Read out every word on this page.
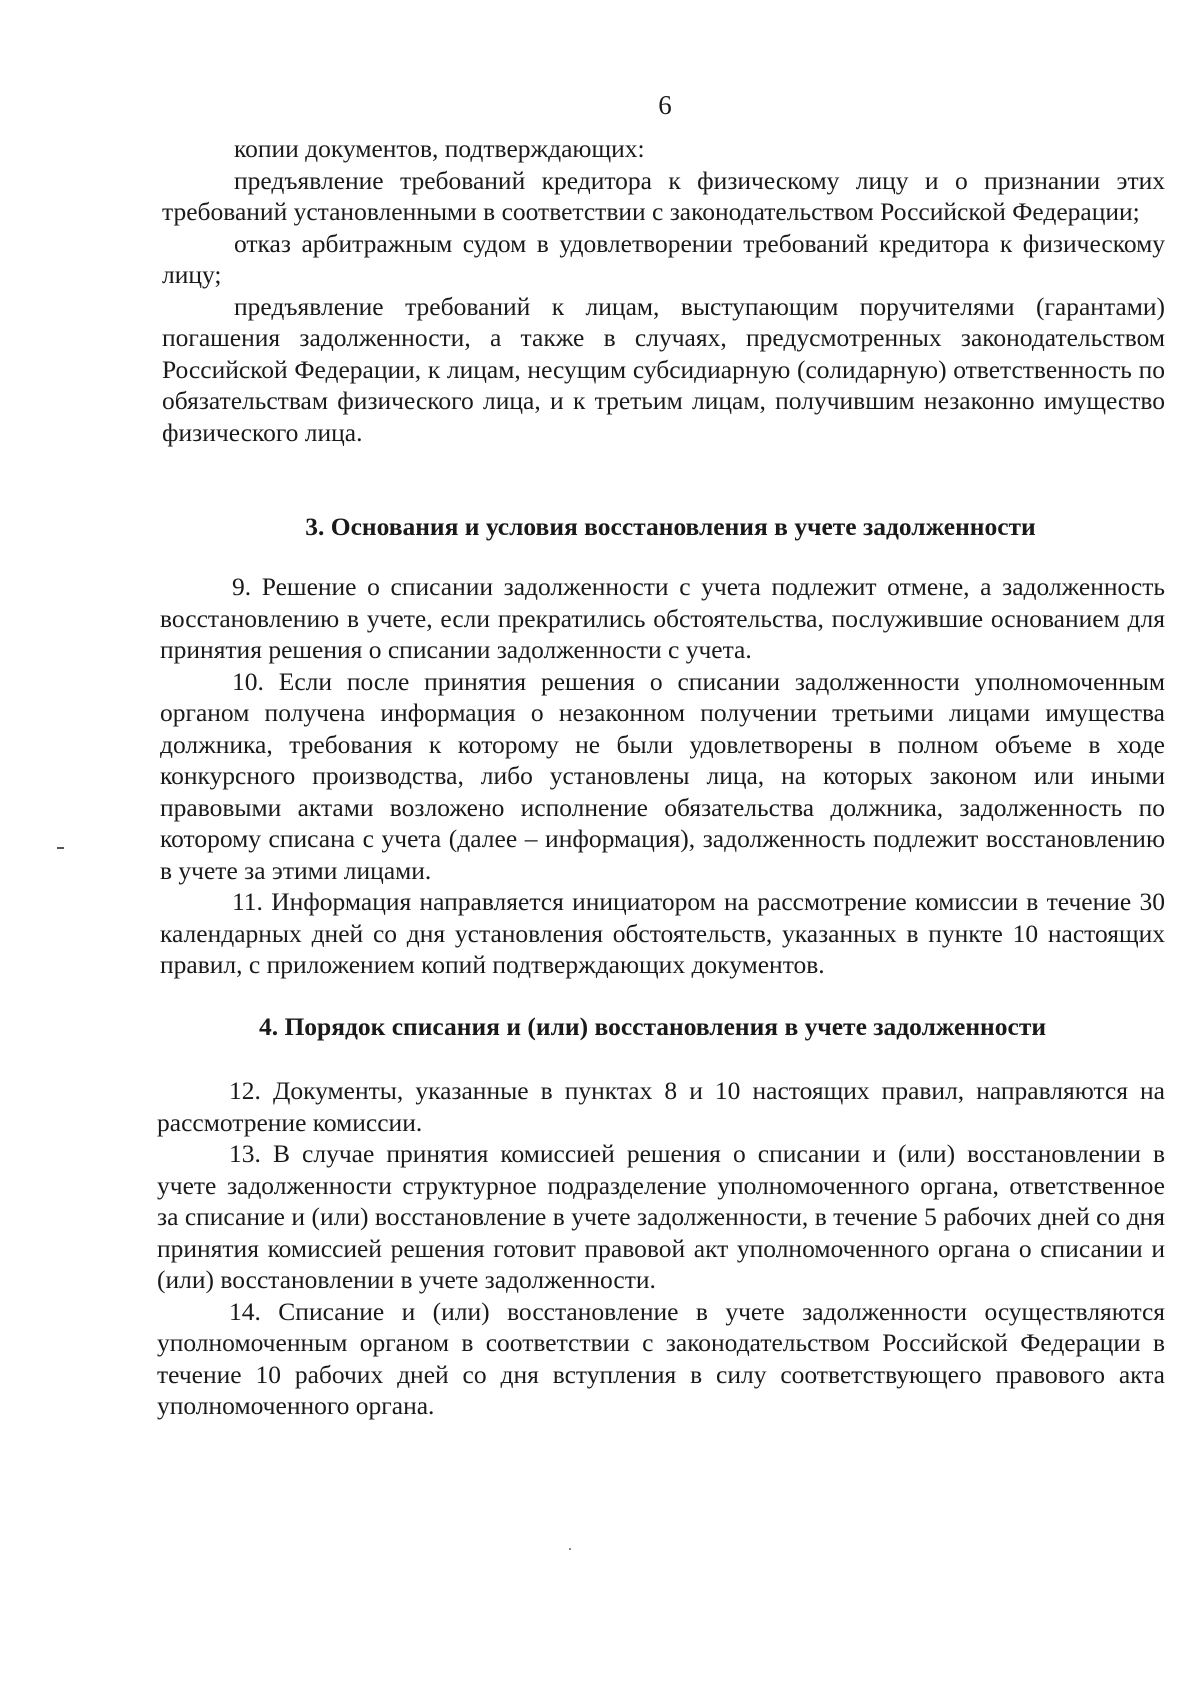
6

копии документов, подтверждающих:

предъявление требований кредитора к физическому лицу и о признании этих требований установленными в соответствии с законодательством Российской Федерации;

отказ арбитражным судом в удовлетворении требований кредитора к физическому лицу;

предъявление требований к лицам, выступающим поручителями (гарантами) погашения задолженности, а также в случаях, предусмотренных законодательством Российской Федерации, к лицам, несущим субсидиарную (солидарную) ответственность по обязательствам физического лица, и к третьим лицам, получившим незаконно имущество физического лица.

3. Основания и условия восстановления в учете задолженности

9. Решение о списании задолженности с учета подлежит отмене, а задолженность восстановлению в учете, если прекратились обстоятельства, послужившие основанием для принятия решения о списании задолженности с учета.

10. Если после принятия решения о списании задолженности уполномоченным органом получена информация о незаконном получении третьими лицами имущества должника, требования к которому не были удовлетворены в полном объеме в ходе конкурсного производства, либо установлены лица, на которых законом или иными правовыми актами возложено исполнение обязательства должника, задолженность по которому списана с учета (далее – информация), задолженность подлежит восстановлению в учете за этими лицами.

11. Информация направляется инициатором на рассмотрение комиссии в течение 30 календарных дней со дня установления обстоятельств, указанных в пункте 10 настоящих правил, с приложением копий подтверждающих документов.

4. Порядок списания и (или) восстановления в учете задолженности

12. Документы, указанные в пунктах 8 и 10 настоящих правил, направляются на рассмотрение комиссии.

13. В случае принятия комиссией решения о списании и (или) восстановлении в учете задолженности структурное подразделение уполномоченного органа, ответственное за списание и (или) восстановление в учете задолженности, в течение 5 рабочих дней со дня принятия комиссией решения готовит правовой акт уполномоченного органа о списании и (или) восстановлении в учете задолженности.

14. Списание и (или) восстановление в учете задолженности осуществляются уполномоченным органом в соответствии с законодательством Российской Федерации в течение 10 рабочих дней со дня вступления в силу соответствующего правового акта уполномоченного органа.
